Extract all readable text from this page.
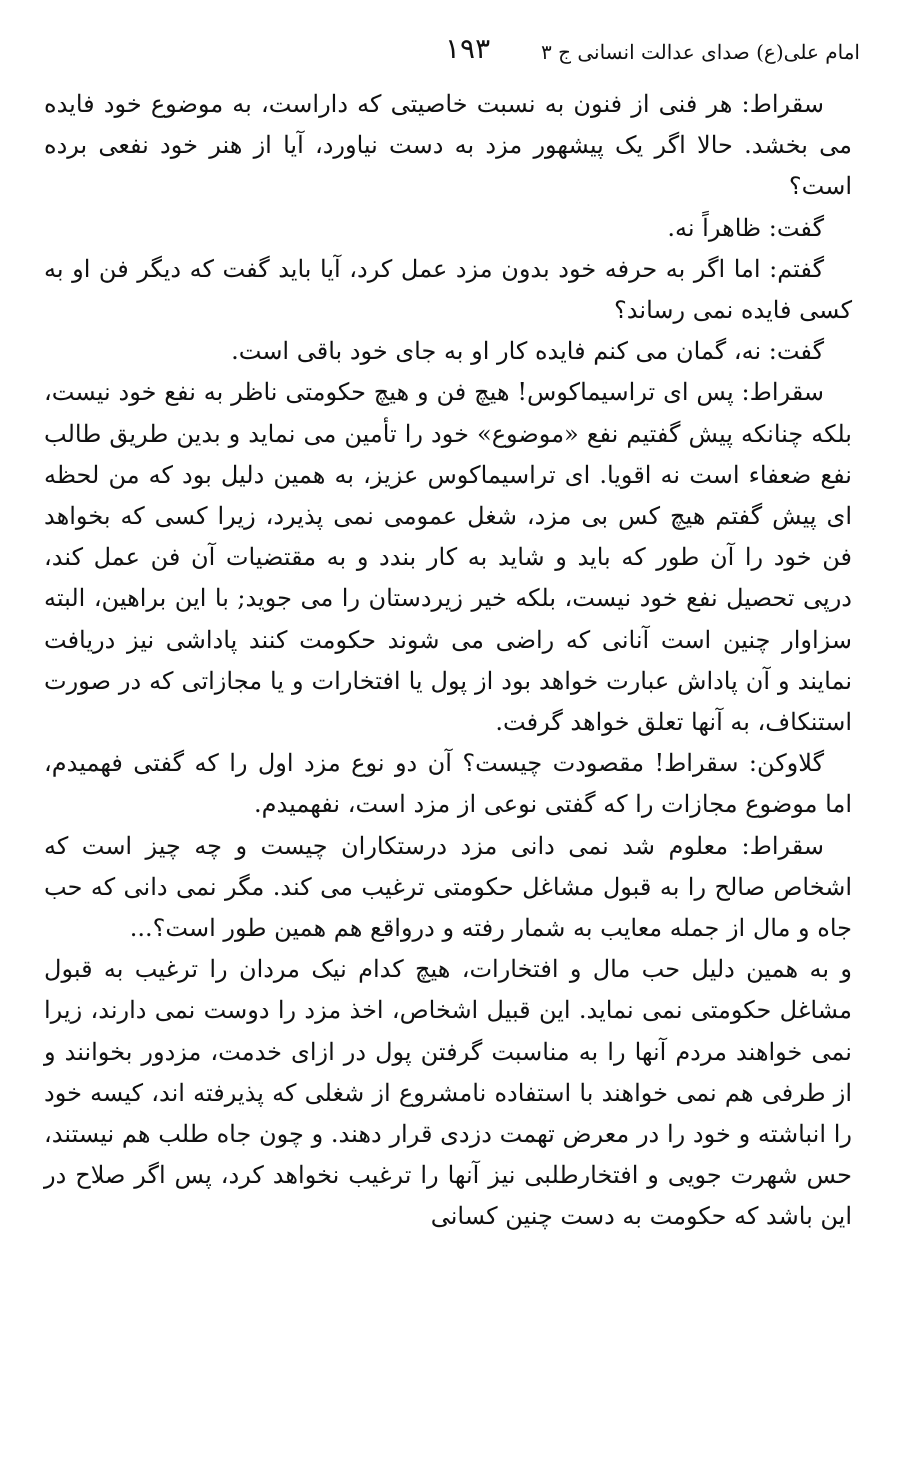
امام علی(ع) صدای عدالت انسانی ج ۳
۱۹۳

سقراط: هر فنی از فنون به نسبت خاصیتی که داراست، به موضوع خود فایده می بخشد. حالا اگر یک پیشهور مزد به دست نیاورد، آیا از هنر خود نفعی برده است؟

گفت: ظاهراً نه.

گفتم: اما اگر به حرفه خود بدون مزد عمل کرد، آیا باید گفت که دیگر فن او به کسی فایده نمی رساند؟

گفت: نه، گمان می کنم فایده کار او به جای خود باقی است.

سقراط: پس ای تراسیماکوس! هیچ فن و هیچ حکومتی ناظر به نفع خود نیست، بلکه چنانکه پیش گفتیم نفع «موضوع» خود را تأمین می نماید و بدین طریق طالب نفع ضعفاء است نه اقویا. ای تراسیماکوس عزیز، به همین دلیل بود که من لحظه ای پیش گفتم هیچ کس بی مزد، شغل عمومی نمی پذیرد، زیرا کسی که بخواهد فن خود را آن طور که باید و شاید به کار بندد و به مقتضیات آن فن عمل کند، درپی تحصیل نفع خود نیست، بلکه خیر زیردستان را می جوید; با این براهین، البته سزاوار چنین است آنانی که راضی می شوند حکومت کنند پاداشی نیز دریافت نمایند و آن پاداش عبارت خواهد بود از پول یا افتخارات و یا مجازاتی که در صورت استنکاف، به آنها تعلق خواهد گرفت.

گلاوکن: سقراط! مقصودت چیست؟ آن دو نوع مزد اول را که گفتی فهمیدم، اما موضوع مجازات را که گفتی نوعی از مزد است، نفهمیدم.

سقراط: معلوم شد نمی دانی مزد درستکاران چیست و چه چیز است که اشخاص صالح را به قبول مشاغل حکومتی ترغیب می کند. مگر نمی دانی که حب جاه و مال از جمله معایب به شمار رفته و درواقع هم همین طور است؟...

و به همین دلیل حب مال و افتخارات، هیچ کدام نیک مردان را ترغیب به قبول مشاغل حکومتی نمی نماید. این قبیل اشخاص، اخذ مزد را دوست نمی دارند، زیرا نمی خواهند مردم آنها را به مناسبت گرفتن پول در ازای خدمت، مزدور بخوانند و از طرفی هم نمی خواهند با استفاده نامشروع از شغلی که پذیرفته اند، کیسه خود را انباشته و خود را در معرض تهمت دزدی قرار دهند. و چون جاه طلب هم نیستند، حس شهرت جویی و افتخارطلبی نیز آنها را ترغیب نخواهد کرد، پس اگر صلاح در این باشد که حکومت به دست چنین کسانی
